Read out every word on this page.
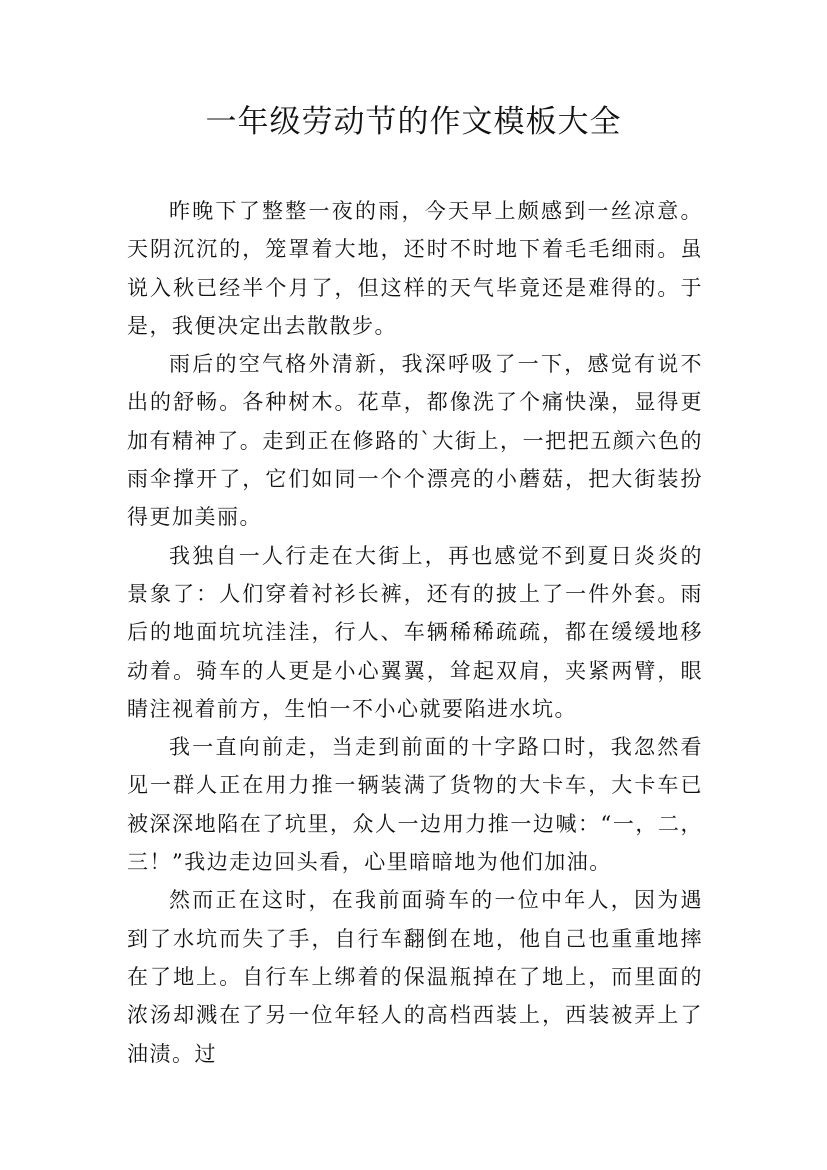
一年级劳动节的作文模板大全

昨晚下了整整一夜的雨，今天早上颇感到一丝凉意。天阴沉沉的，笼罩着大地，还时不时地下着毛毛细雨。虽说入秋已经半个月了，但这样的天气毕竟还是难得的。于是，我便决定出去散散步。

雨后的空气格外清新，我深呼吸了一下，感觉有说不出的舒畅。各种树木。花草，都像洗了个痛快澡，显得更加有精神了。走到正在修路的`大街上，一把把五颜六色的雨伞撑开了，它们如同一个个漂亮的小蘑菇，把大街装扮得更加美丽。

我独自一人行走在大街上，再也感觉不到夏日炎炎的景象了：人们穿着衬衫长裤，还有的披上了一件外套。雨后的地面坑坑洼洼，行人、车辆稀稀疏疏，都在缓缓地移动着。骑车的人更是小心翼翼，耸起双肩，夹紧两臂，眼睛注视着前方，生怕一不小心就要陷进水坑。

我一直向前走，当走到前面的十字路口时，我忽然看见一群人正在用力推一辆装满了货物的大卡车，大卡车已被深深地陷在了坑里，众人一边用力推一边喊：“一，二，三！”我边走边回头看，心里暗暗地为他们加油。

然而正在这时，在我前面骑车的一位中年人，因为遇到了水坑而失了手，自行车翻倒在地，他自己也重重地摔在了地上。自行车上绑着的保温瓶掉在了地上，而里面的浓汤却溅在了另一位年轻人的高档西装上，西装被弄上了油渍。过
